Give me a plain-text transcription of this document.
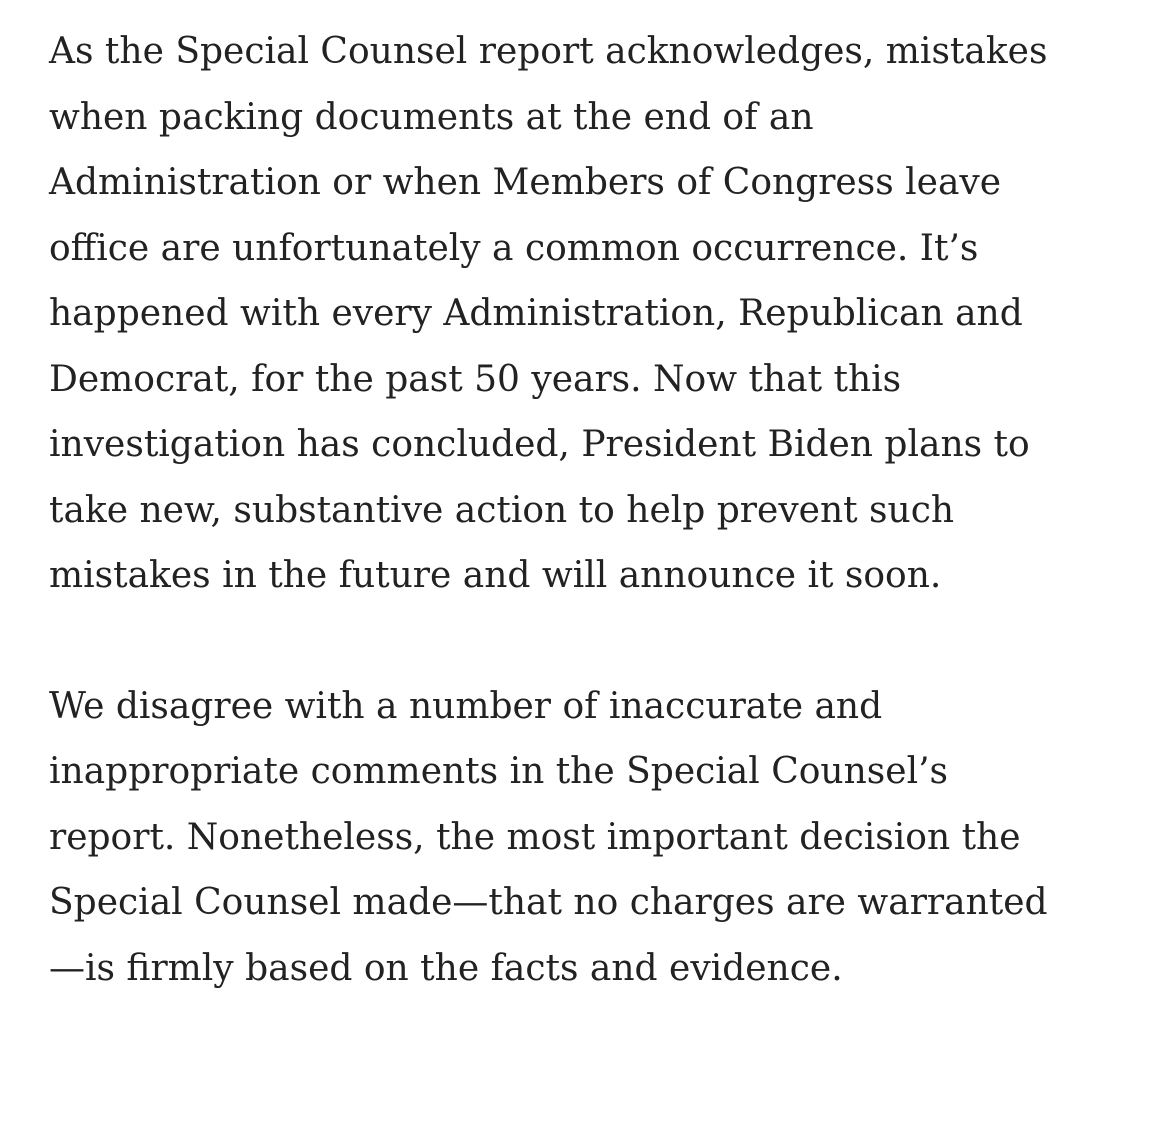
As the Special Counsel report acknowledges, mistakes
when packing documents at the end of an
Administration or when Members of Congress leave
office are unfortunately a common occurrence. It’s
happened with every Administration, Republican and
Democrat, for the past 50 years. Now that this
investigation has concluded, President Biden plans to
take new, substantive action to help prevent such
mistakes in the future and will announce it soon.
We disagree with a number of inaccurate and
inappropriate comments in the Special Counsel’s
report. Nonetheless, the most important decision the
Special Counsel made—that no charges are warranted
—is firmly based on the facts and evidence.
